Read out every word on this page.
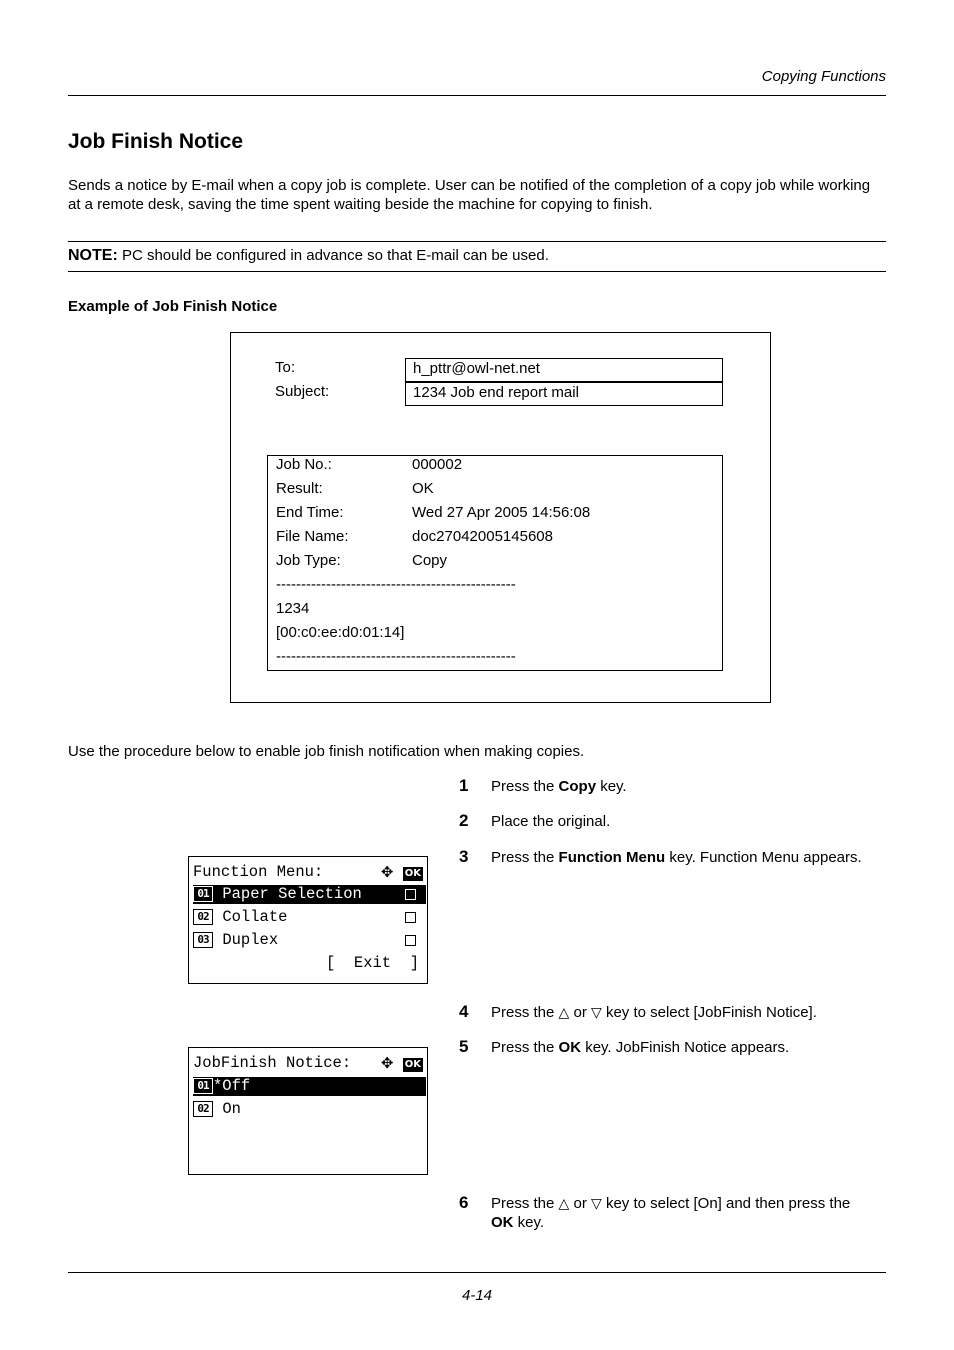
Copying Functions
Job Finish Notice
Sends a notice by E-mail when a copy job is complete. User can be notified of the completion of a copy job while working at a remote desk, saving the time spent waiting beside the machine for copying to finish.
NOTE: PC should be configured in advance so that E-mail can be used.
Example of Job Finish Notice
To:	h_pttr@owl-net.net
Subject:	1234 Job end report mail
Job No.:	000002
Result:	OK
End Time:	Wed 27 Apr 2005 14:56:08
File Name:	doc27042005145608
Job Type:	Copy
------------------------------------------------
1234
[00:c0:ee:d0:01:14]
------------------------------------------------
Use the procedure below to enable job finish notification when making copies.
1 Press the Copy key.
2 Place the original.
3 Press the Function Menu key. Function Menu appears.
4 Press the △ or ▽ key to select [JobFinish Notice].
5 Press the OK key. JobFinish Notice appears.
6 Press the △ or ▽ key to select [On] and then press the
OK key.
Function Menu:	✥ OK
01 Paper Selection
02 Collate
03 Duplex
[  Exit  ]
JobFinish Notice: ✥ OK
01 *Off
02 On
4-14
